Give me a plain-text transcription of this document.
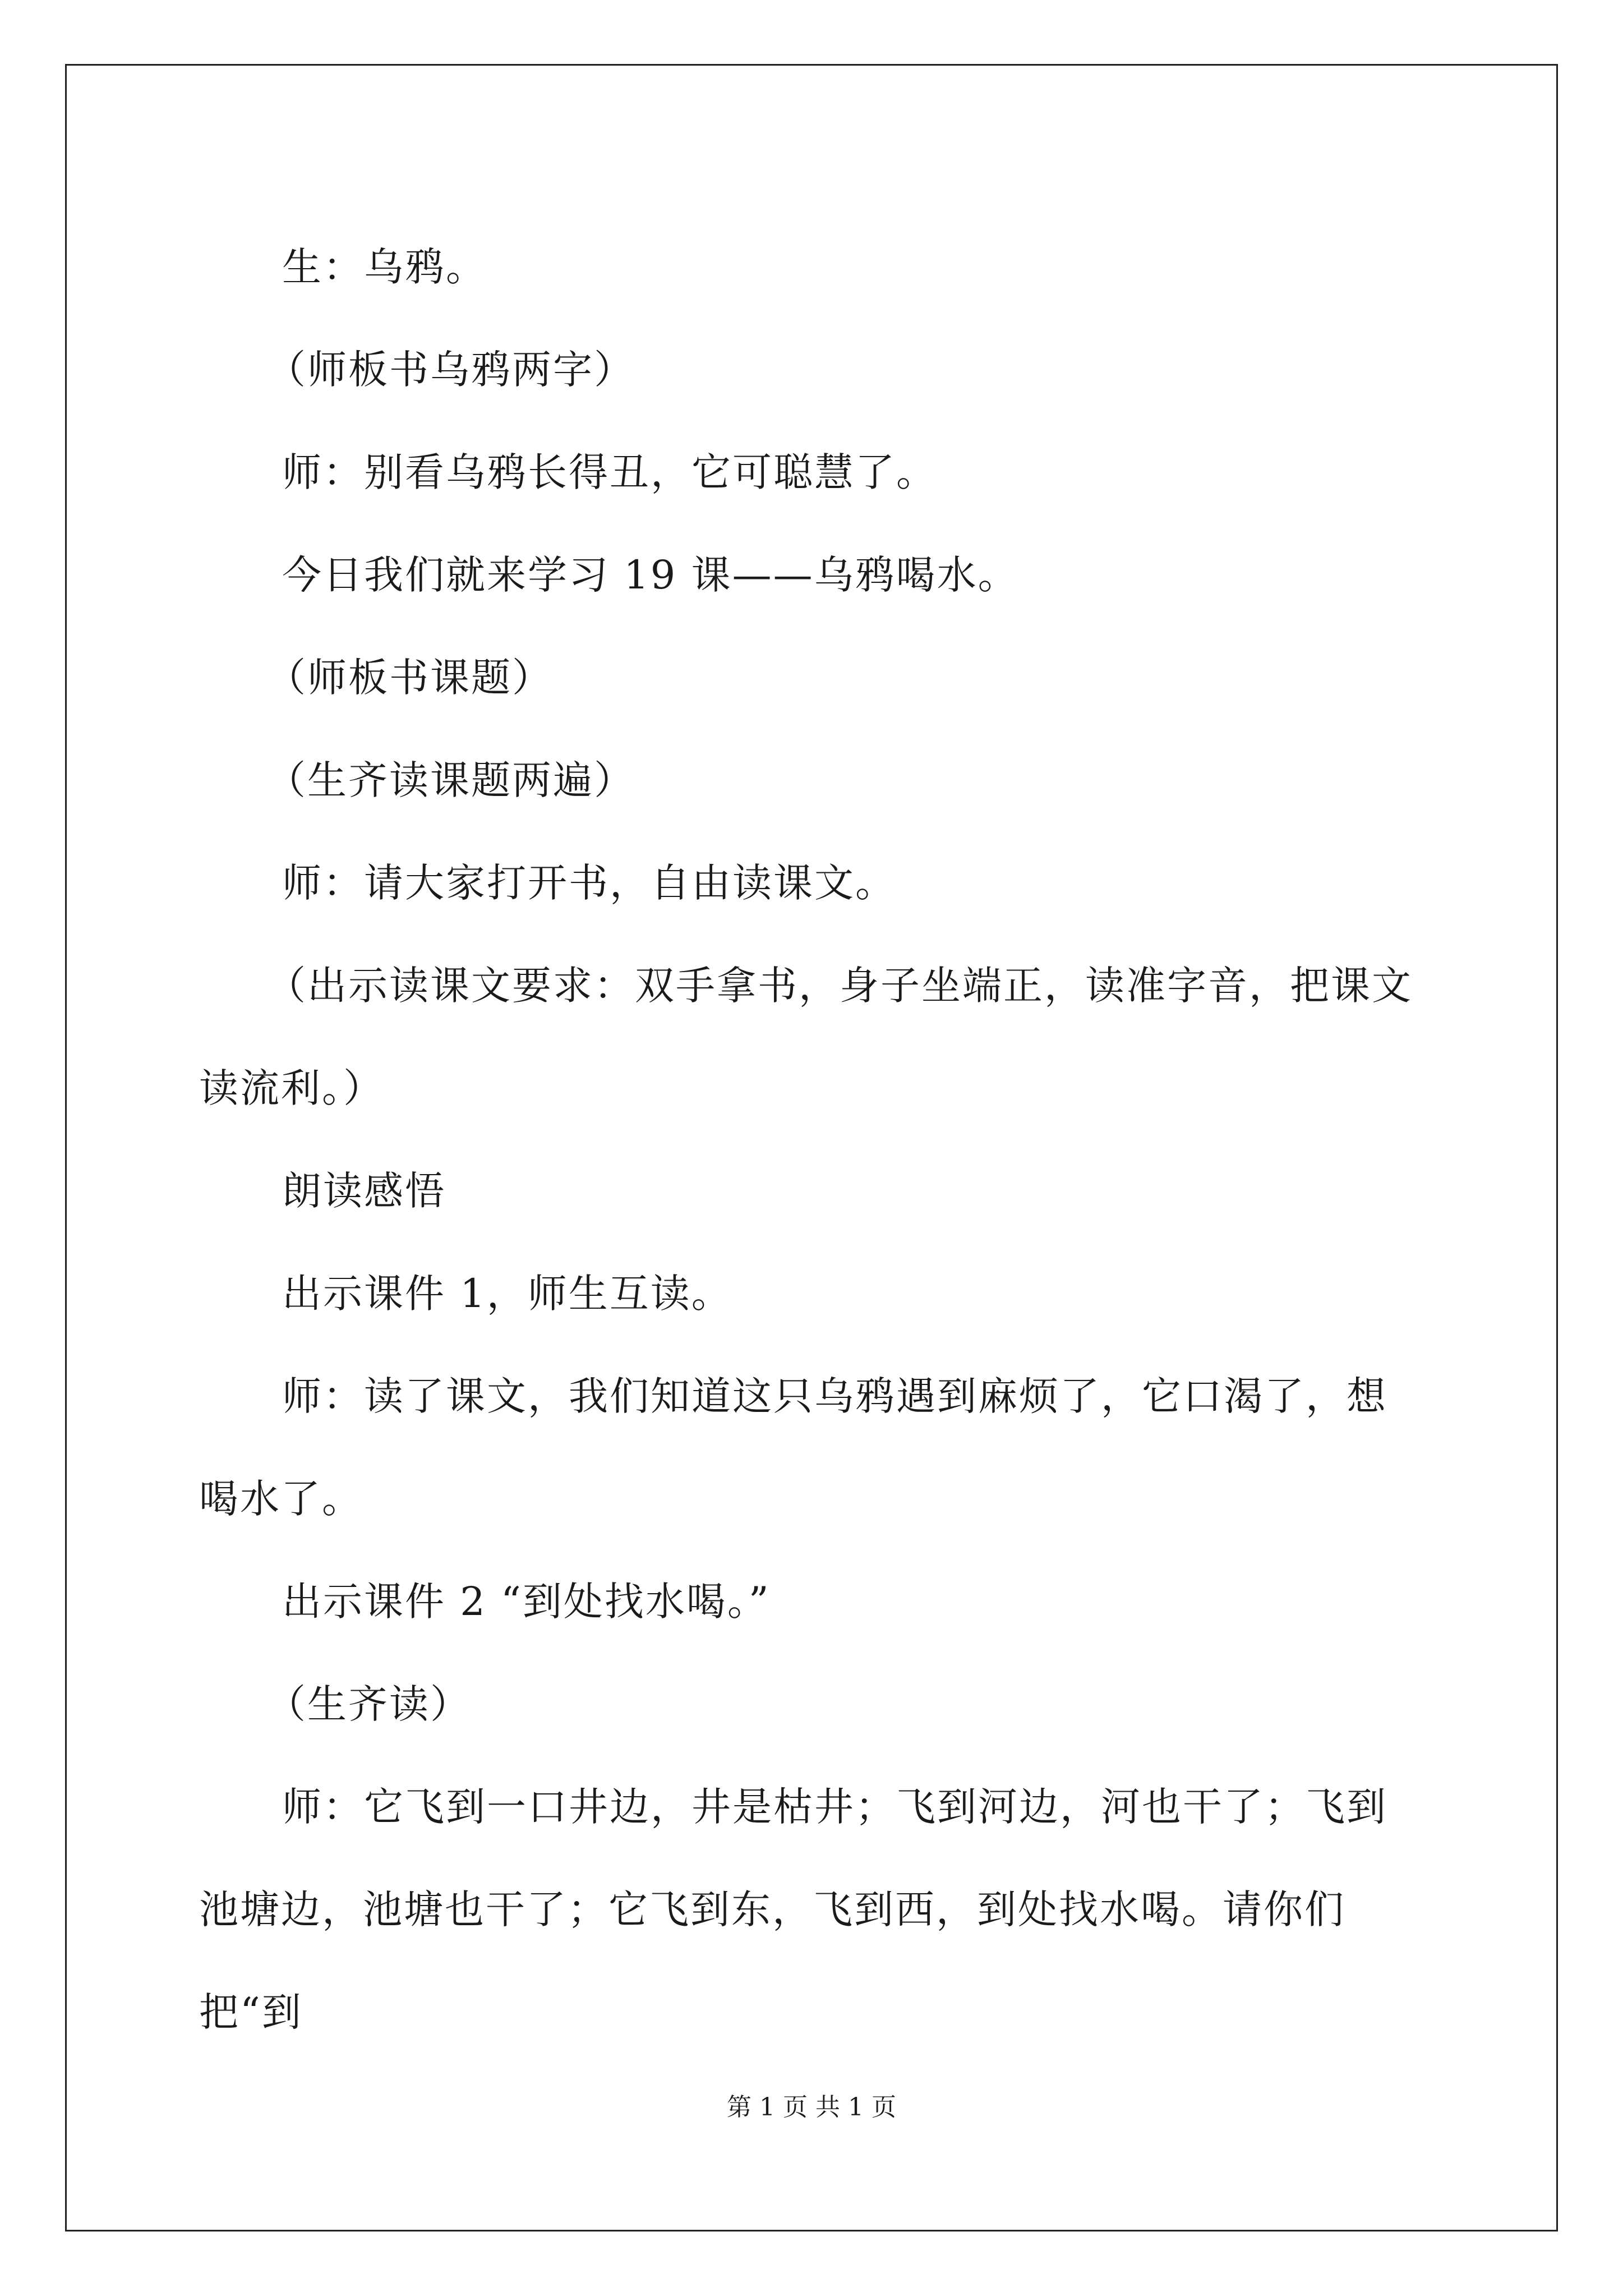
生：乌鸦。

（师板书乌鸦两字）

师：别看乌鸦长得丑，它可聪慧了。

今日我们就来学习 19 课——乌鸦喝水。

（师板书课题）

（生齐读课题两遍）

师：请大家打开书，自由读课文。

（出示读课文要求：双手拿书，身子坐端正，读准字音，把课文读流利。）

朗读感悟

出示课件 1，师生互读。

师：读了课文，我们知道这只乌鸦遇到麻烦了，它口渴了，想喝水了。

出示课件 2 “到处找水喝。”

（生齐读）

师：它飞到一口井边，井是枯井；飞到河边，河也干了；飞到池塘边，池塘也干了；它飞到东，飞到西，到处找水喝。请你们把“到

第 1 页 共 1 页
